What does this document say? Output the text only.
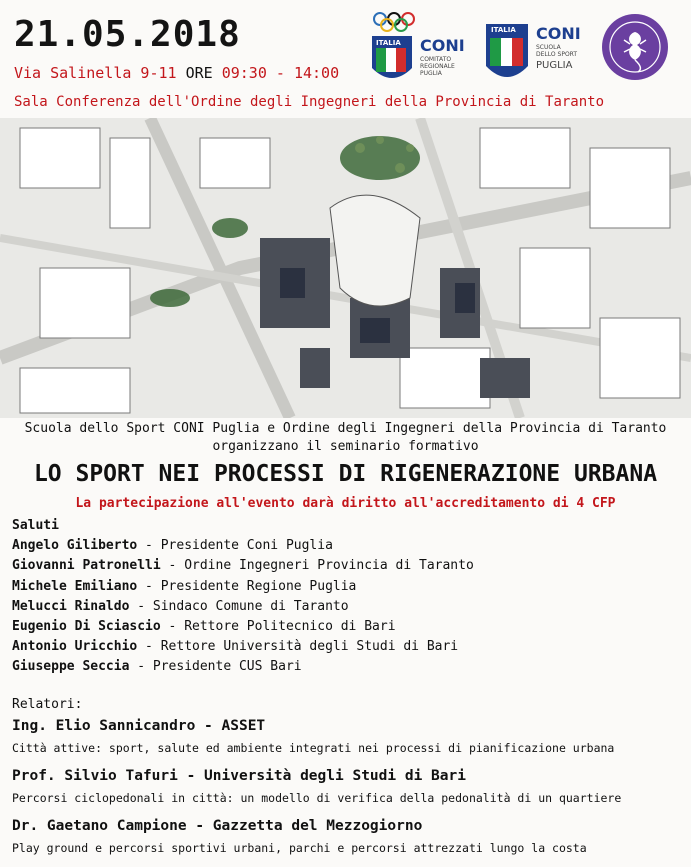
21.05.2018
Via Salinella 9-11 ORE 09:30 - 14:00
Sala Conferenza dell'Ordine degli Ingegneri della Provincia di Taranto
ITALIA CONI
COMITATO
REGIONALE
PUGLIA
ITALIA CONI
SCUOLA
DELLO SPORT
PUGLIA
Scuola dello Sport CONI Puglia e Ordine degli Ingegneri della Provincia di Taranto
organizzano il seminario formativo
LO SPORT NEI PROCESSI DI RIGENERAZIONE URBANA
La partecipazione all'evento darà diritto all'accreditamento di 4 CFP
Saluti
Angelo Giliberto - Presidente Coni Puglia
Giovanni Patronelli - Ordine Ingegneri Provincia di Taranto
Michele Emiliano - Presidente Regione Puglia
Melucci Rinaldo - Sindaco Comune di Taranto
Eugenio Di Sciascio - Rettore Politecnico di Bari
Antonio Uricchio - Rettore Università degli Studi di Bari
Giuseppe Seccia - Presidente CUS Bari
Relatori:
Ing. Elio Sannicandro - ASSET
Città attive: sport, salute ed ambiente integrati nei processi di pianificazione urbana
Prof. Silvio Tafuri - Università degli Studi di Bari
Percorsi ciclopedonali in città: un modello di verifica della pedonalità di un quartiere
Dr. Gaetano Campione - Gazzetta del Mezzogiorno
Play ground e percorsi sportivi urbani, parchi e percorsi attrezzati lungo la costa
